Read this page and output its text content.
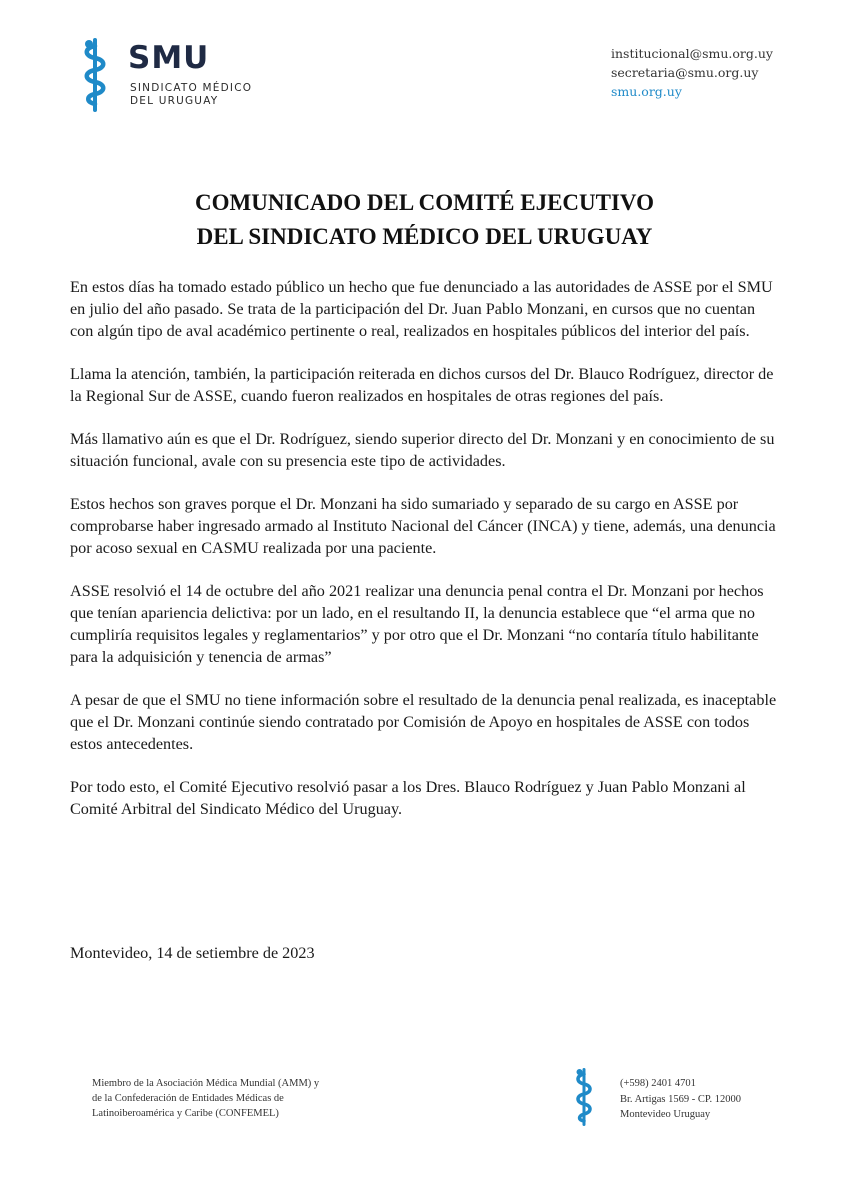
SMU
SINDICATO MÉDICO
DEL URUGUAY
institucional@smu.org.uy
secretaria@smu.org.uy
smu.org.uy
COMUNICADO DEL COMITÉ EJECUTIVO
DEL SINDICATO MÉDICO DEL URUGUAY

En estos días ha tomado estado público un hecho que fue denunciado a las autoridades de ASSE por el SMU en julio del año pasado. Se trata de la participación del Dr. Juan Pablo Monzani, en cursos que no cuentan con algún tipo de aval académico pertinente o real, realizados en hospitales públicos del interior del país.

Llama la atención, también, la participación reiterada en dichos cursos del Dr. Blauco Rodríguez, director de la Regional Sur de ASSE, cuando fueron realizados en hospitales de otras regiones del país.

Más llamativo aún es que el Dr. Rodríguez, siendo superior directo del Dr. Monzani y en conocimiento de su situación funcional, avale con su presencia este tipo de actividades.

Estos hechos son graves porque el Dr. Monzani ha sido sumariado y separado de su cargo en ASSE por comprobarse haber ingresado armado al Instituto Nacional del Cáncer (INCA) y tiene, además, una denuncia por acoso sexual en CASMU realizada por una paciente.

ASSE resolvió el 14 de octubre del año 2021 realizar una denuncia penal contra el Dr. Monzani por hechos que tenían apariencia delictiva: por un lado, en el resultando II, la denuncia establece que “el arma que no cumpliría requisitos legales y reglamentarios” y por otro que el Dr. Monzani “no contaría título habilitante para la adquisición y tenencia de armas”

A pesar de que el SMU no tiene información sobre el resultado de la denuncia penal realizada, es inaceptable que el Dr. Monzani continúe siendo contratado por Comisión de Apoyo en hospitales de ASSE con todos estos antecedentes.

Por todo esto, el Comité Ejecutivo resolvió pasar a los Dres. Blauco Rodríguez y Juan Pablo Monzani al Comité Arbitral del Sindicato Médico del Uruguay.

Montevideo, 14 de setiembre de 2023
Miembro de la Asociación Médica Mundial (AMM) y
de la Confederación de Entidades Médicas de
Latinoiberoamérica y Caribe (CONFEMEL)
(+598) 2401 4701
Br. Artigas 1569 - CP. 12000
Montevideo Uruguay
